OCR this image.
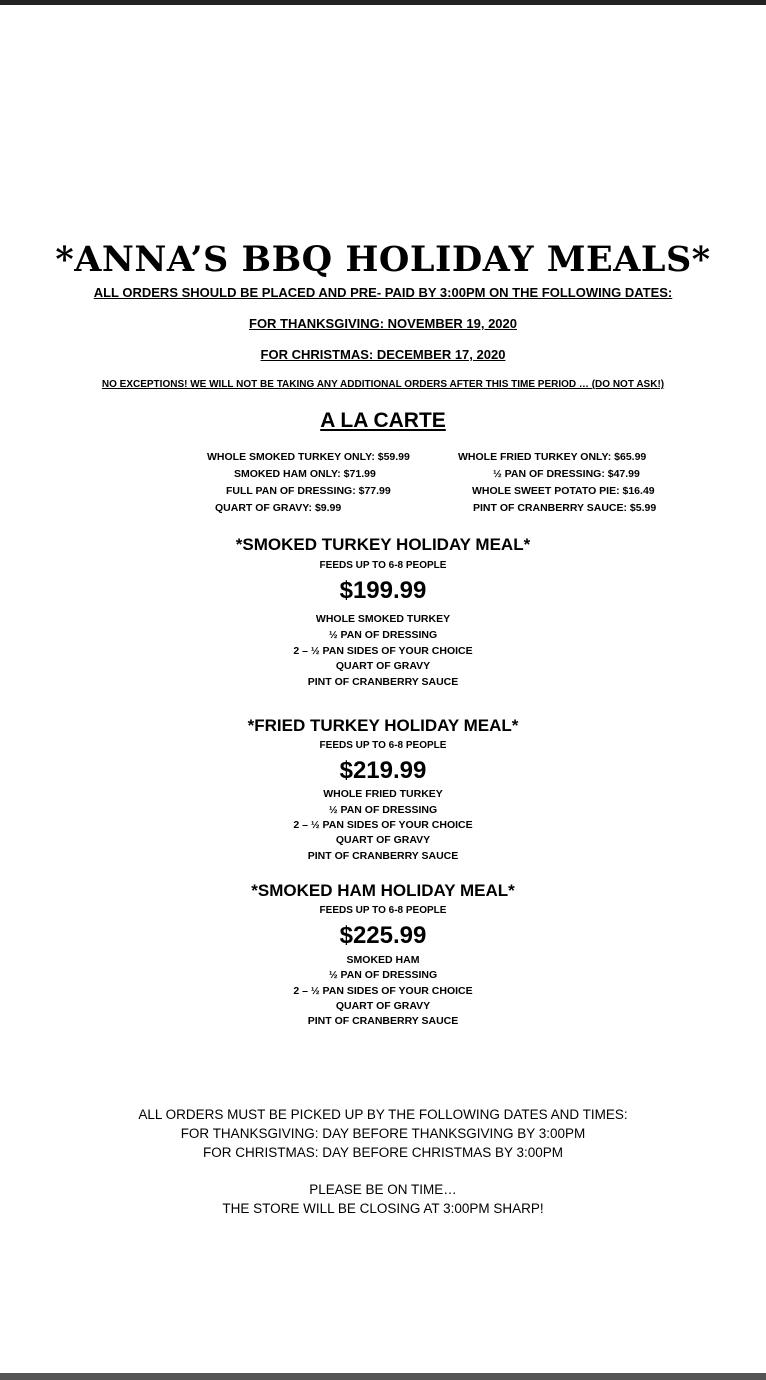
*ANNA’S BBQ HOLIDAY MEALS*
ALL ORDERS SHOULD BE PLACED AND PRE- PAID BY 3:00PM ON THE FOLLOWING DATES:
FOR THANKSGIVING: NOVEMBER 19, 2020
FOR CHRISTMAS: DECEMBER 17, 2020
NO EXCEPTIONS! WE WILL NOT BE TAKING ANY ADDITIONAL ORDERS AFTER THIS TIME PERIOD … (DO NOT ASK!)
A LA CARTE
WHOLE SMOKED TURKEY ONLY: $59.99
SMOKED HAM ONLY: $71.99
FULL PAN OF DRESSING: $77.99
QUART OF GRAVY: $9.99
WHOLE FRIED TURKEY ONLY: $65.99
½ PAN OF DRESSING: $47.99
WHOLE SWEET POTATO PIE: $16.49
PINT OF CRANBERRY SAUCE: $5.99
*SMOKED TURKEY HOLIDAY MEAL*
FEEDS UP TO 6-8 PEOPLE
$199.99
WHOLE SMOKED TURKEY
½ PAN OF DRESSING
2 – ½ PAN SIDES OF YOUR CHOICE
QUART OF GRAVY
PINT OF CRANBERRY SAUCE
*FRIED TURKEY HOLIDAY MEAL*
FEEDS UP TO 6-8 PEOPLE
$219.99
WHOLE FRIED TURKEY
½ PAN OF DRESSING
2 – ½ PAN SIDES OF YOUR CHOICE
QUART OF GRAVY
PINT OF CRANBERRY SAUCE
*SMOKED HAM HOLIDAY MEAL*
FEEDS UP TO 6-8 PEOPLE
$225.99
SMOKED HAM
½ PAN OF DRESSING
2 – ½ PAN SIDES OF YOUR CHOICE
QUART OF GRAVY
PINT OF CRANBERRY SAUCE
ALL ORDERS MUST BE PICKED UP BY THE FOLLOWING DATES AND TIMES:
FOR THANKSGIVING: DAY BEFORE THANKSGIVING BY 3:00PM
FOR CHRISTMAS: DAY BEFORE CHRISTMAS BY 3:00PM
PLEASE BE ON TIME…
THE STORE WILL BE CLOSING AT 3:00PM SHARP!
